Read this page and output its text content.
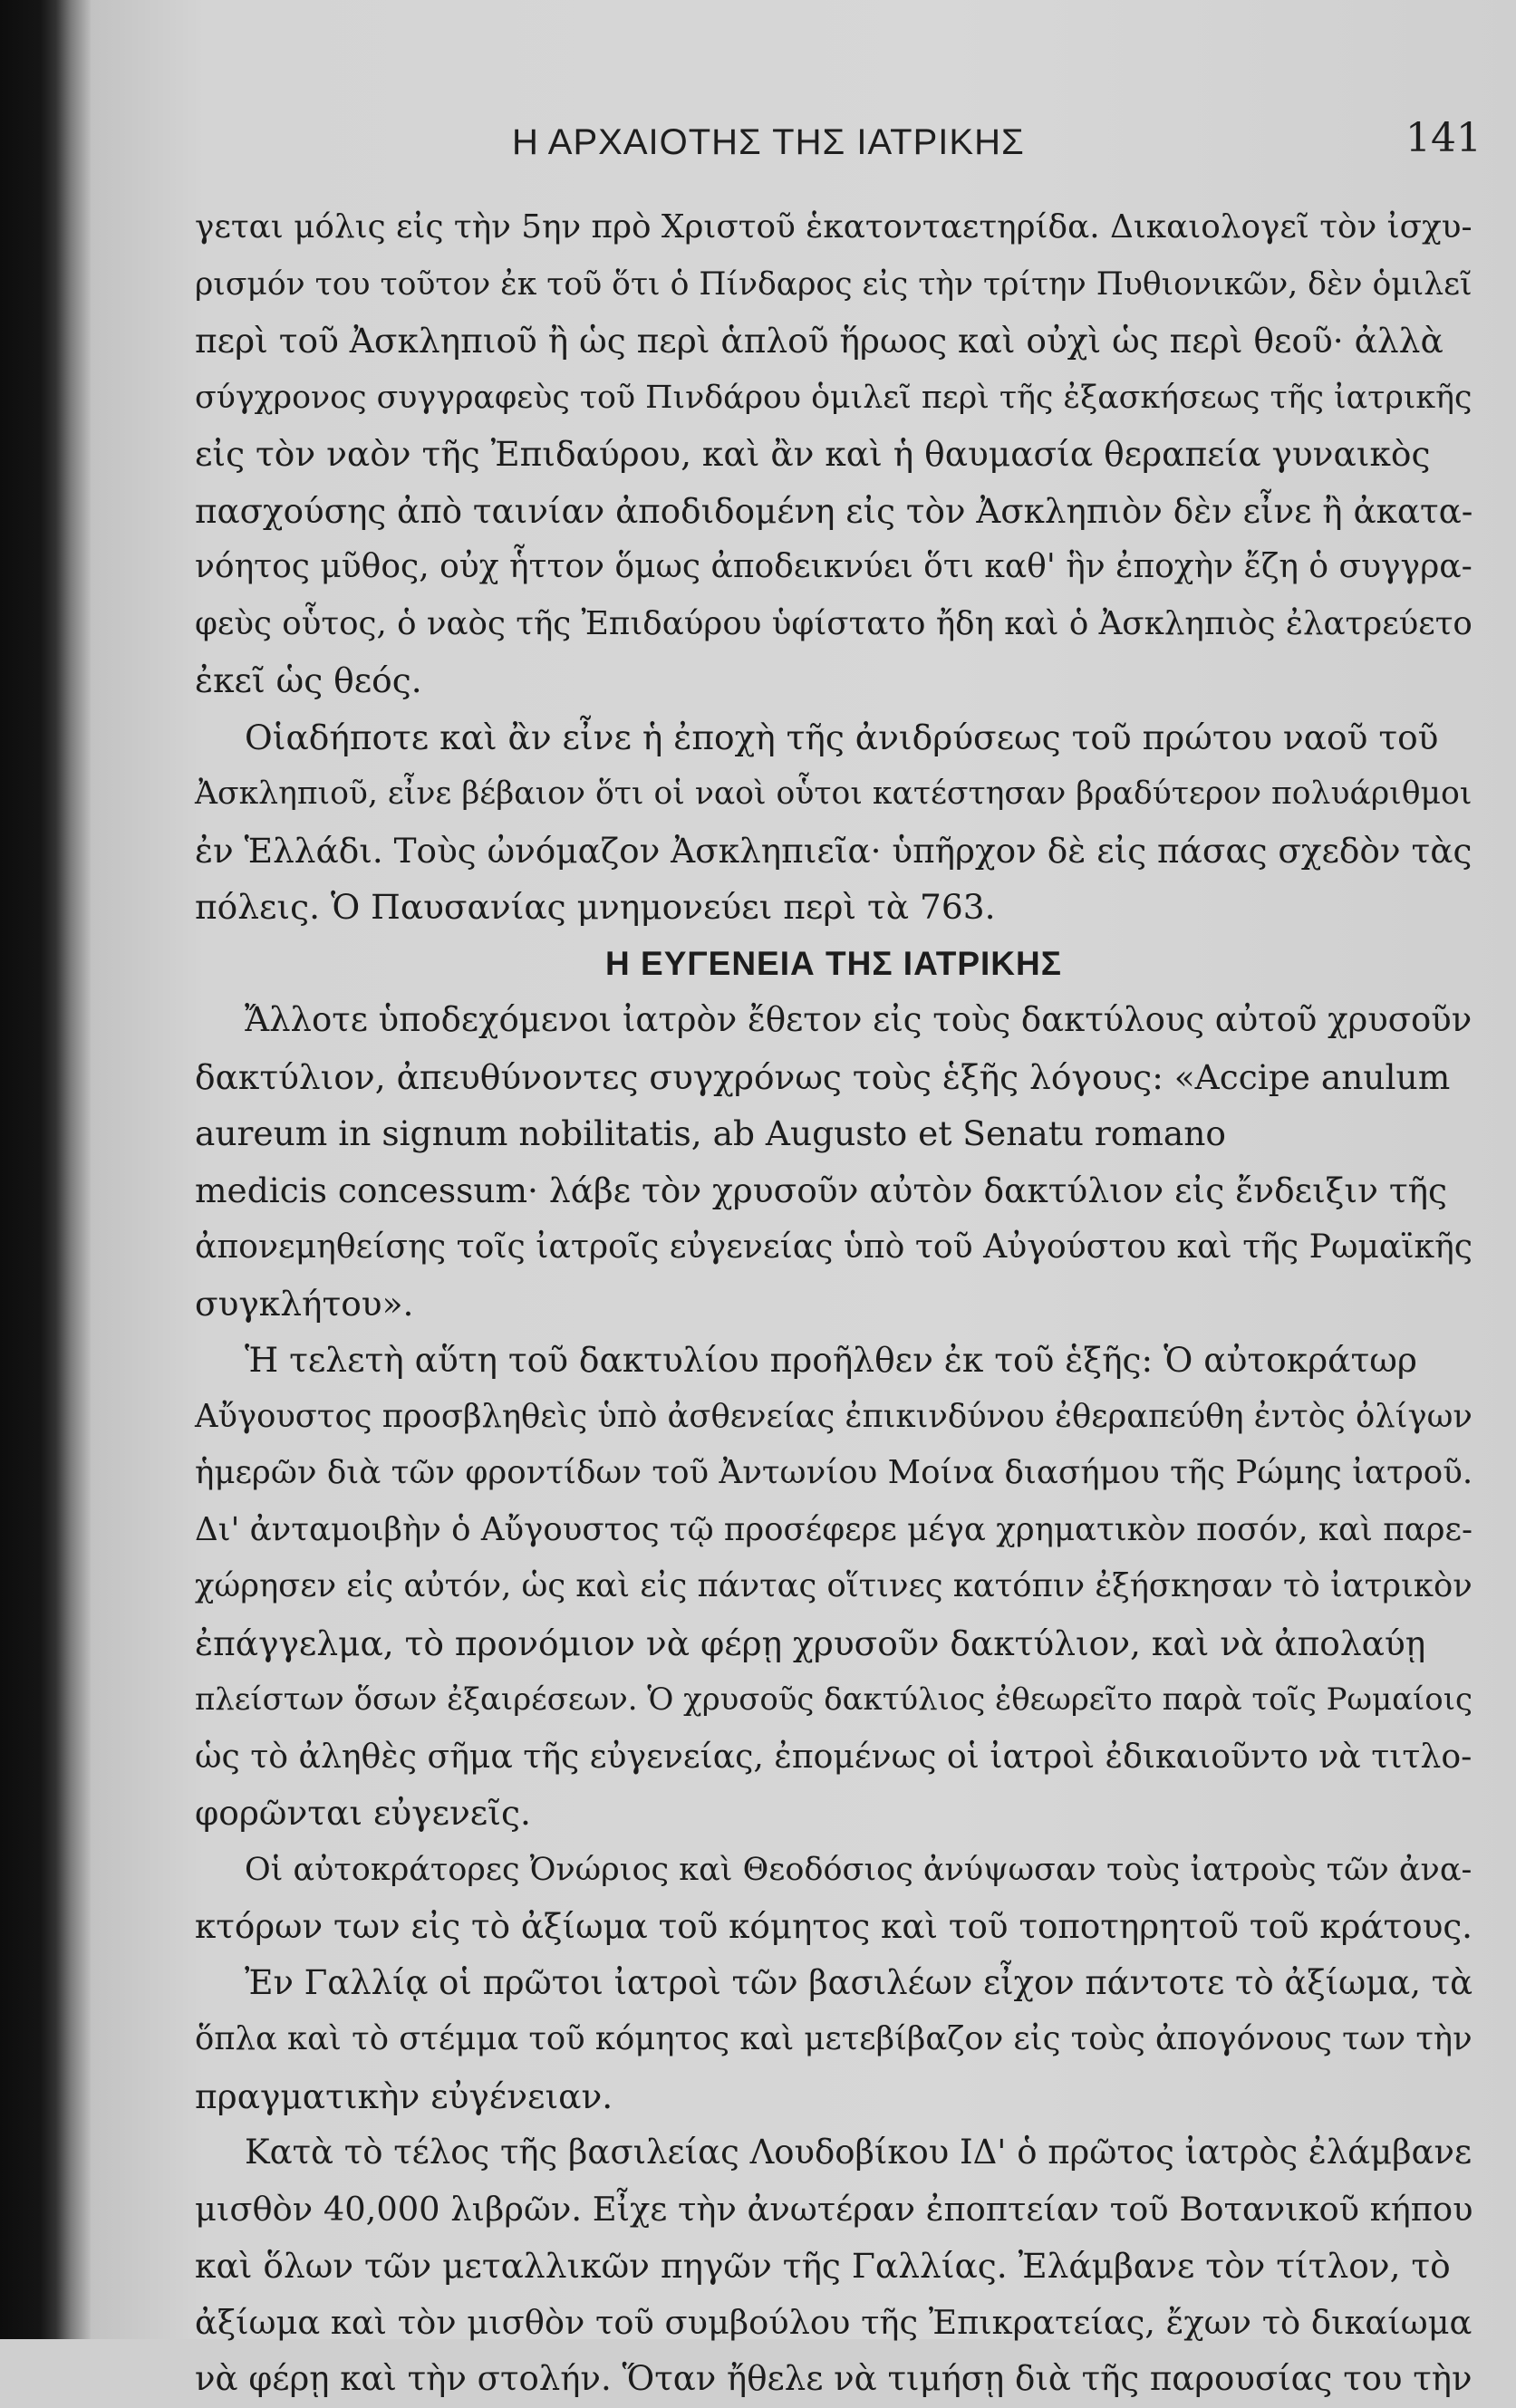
Η ΑΡΧΑΙΟΤΗΣ ΤΗΣ ΙΑΤΡΙΚΗΣ	141
γεται μόλις εἰς τὴν 5ην πρὸ Χριστοῦ ἑκατονταετηρίδα. Δικαιολογεῖ τὸν ἰσχυ-
ρισμόν του τοῦτον ἐκ τοῦ ὅτι ὁ Πίνδαρος εἰς τὴν τρίτην Πυθιονικῶν, δὲν ὁμιλεῖ
περὶ τοῦ Ἀσκληπιοῦ ἢ ὡς περὶ ἁπλοῦ ἥρωος καὶ οὐχὶ ὡς περὶ θεοῦ· ἀλλὰ
σύγχρονος συγγραφεὺς τοῦ Πινδάρου ὁμιλεῖ περὶ τῆς ἐξασκήσεως τῆς ἰατρικῆς
εἰς τὸν ναὸν τῆς Ἐπιδαύρου, καὶ ἂν καὶ ἡ θαυμασία θεραπεία γυναικὸς
πασχούσης ἀπὸ ταινίαν ἀποδιδομένη εἰς τὸν Ἀσκληπιὸν δὲν εἶνε ἢ ἀκατα-
νόητος μῦθος, οὐχ ἧττον ὅμως ἀποδεικνύει ὅτι καθ' ἣν ἐποχὴν ἔζη ὁ συγγρα-
φεὺς οὗτος, ὁ ναὸς τῆς Ἐπιδαύρου ὑφίστατο ἤδη καὶ ὁ Ἀσκληπιὸς ἐλατρεύετο
ἐκεῖ ὡς θεός.
Οἱαδήποτε καὶ ἂν εἶνε ἡ ἐποχὴ τῆς ἀνιδρύσεως τοῦ πρώτου ναοῦ τοῦ
Ἀσκληπιοῦ, εἶνε βέβαιον ὅτι οἱ ναοὶ οὗτοι κατέστησαν βραδύτερον πολυάριθμοι
ἐν Ἑλλάδι. Τοὺς ὠνόμαζον Ἀσκληπιεῖα· ὑπῆρχον δὲ εἰς πάσας σχεδὸν τὰς
πόλεις. Ὁ Παυσανίας μνημονεύει περὶ τὰ 763.
Η ΕΥΓΕΝΕΙΑ ΤΗΣ ΙΑΤΡΙΚΗΣ
Ἄλλοτε ὑποδεχόμενοι ἰατρὸν ἔθετον εἰς τοὺς δακτύλους αὐτοῦ χρυσοῦν
δακτύλιον, ἀπευθύνοντες συγχρόνως τοὺς ἑξῆς λόγους: «Accipe anulum
aureum in signum nobilitatis, ab Augusto et Senatu romano
medicis concessum· λάβε τὸν χρυσοῦν αὐτὸν δακτύλιον εἰς ἔνδειξιν τῆς
ἀπονεμηθείσης τοῖς ἰατροῖς εὐγενείας ὑπὸ τοῦ Αὐγούστου καὶ τῆς Ρωμαϊκῆς
συγκλήτου».
Ἡ τελετὴ αὕτη τοῦ δακτυλίου προῆλθεν ἐκ τοῦ ἑξῆς: Ὁ αὐτοκράτωρ
Αὔγουστος προσβληθεὶς ὑπὸ ἀσθενείας ἐπικινδύνου ἐθεραπεύθη ἐντὸς ὀλίγων
ἡμερῶν διὰ τῶν φροντίδων τοῦ Ἀντωνίου Μοίνα διασήμου τῆς Ρώμης ἰατροῦ.
Δι' ἀνταμοιβὴν ὁ Αὔγουστος τῷ προσέφερε μέγα χρηματικὸν ποσόν, καὶ παρε-
χώρησεν εἰς αὐτόν, ὡς καὶ εἰς πάντας οἵτινες κατόπιν ἐξήσκησαν τὸ ἰατρικὸν
ἐπάγγελμα, τὸ προνόμιον νὰ φέρῃ χρυσοῦν δακτύλιον, καὶ νὰ ἀπολαύῃ
πλείστων ὅσων ἐξαιρέσεων. Ὁ χρυσοῦς δακτύλιος ἐθεωρεῖτο παρὰ τοῖς Ρωμαίοις
ὡς τὸ ἀληθὲς σῆμα τῆς εὐγενείας, ἐπομένως οἱ ἰατροὶ ἐδικαιοῦντο νὰ τιτλο-
φορῶνται εὐγενεῖς.
Οἱ αὐτοκράτορες Ὀνώριος καὶ Θεοδόσιος ἀνύψωσαν τοὺς ἰατροὺς τῶν ἀνα-
κτόρων των εἰς τὸ ἀξίωμα τοῦ κόμητος καὶ τοῦ τοποτηρητοῦ τοῦ κράτους.
Ἐν Γαλλίᾳ οἱ πρῶτοι ἰατροὶ τῶν βασιλέων εἶχον πάντοτε τὸ ἀξίωμα, τὰ
ὅπλα καὶ τὸ στέμμα τοῦ κόμητος καὶ μετεβίβαζον εἰς τοὺς ἀπογόνους των τὴν
πραγματικὴν εὐγένειαν.
Κατὰ τὸ τέλος τῆς βασιλείας Λουδοβίκου ΙΔ' ὁ πρῶτος ἰατρὸς ἐλάμβανε
μισθὸν 40,000 λιβρῶν. Εἶχε τὴν ἀνωτέραν ἐποπτείαν τοῦ Βοτανικοῦ κήπου
καὶ ὅλων τῶν μεταλλικῶν πηγῶν τῆς Γαλλίας. Ἐλάμβανε τὸν τίτλον, τὸ
ἀξίωμα καὶ τὸν μισθὸν τοῦ συμβούλου τῆς Ἐπικρατείας, ἔχων τὸ δικαίωμα
νὰ φέρῃ καὶ τὴν στολήν. Ὅταν ἤθελε νὰ τιμήσῃ διὰ τῆς παρουσίας του τὴν
